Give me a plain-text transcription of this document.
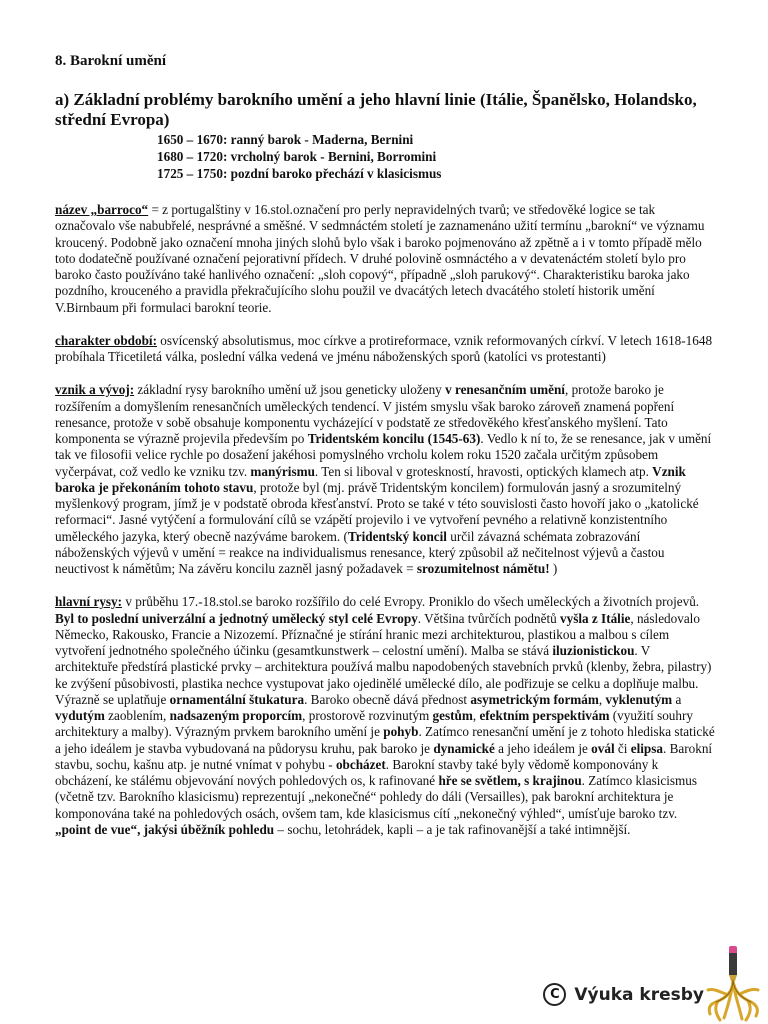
8. Barokní umění

a) Základní problémy barokního umění a jeho hlavní linie (Itálie, Španělsko, Holandsko, střední Evropa)

1650 – 1670: ranný barok - Maderna, Bernini
1680 – 1720: vrcholný barok - Bernini, Borromini
1725 – 1750: pozdní baroko přechází v klasicismus

název „barroco“ = z portugalštiny v 16.stol.označení pro perly nepravidelných tvarů; ve středověké logice se tak označovalo vše nabubřelé, nesprávné a směšné. V sedmnáctém století je zaznamenáno užití termínu „barokní“ ve významu kroucený. Podobně jako označení mnoha jiných slohů bylo však i baroko pojmenováno až zpětně a i v tomto případě mělo toto dodatečně používané označení pejorativní přídech. V druhé polovině osmnáctého a v devatenáctém století bylo pro baroko často používáno také hanlivého označení: „sloh copový“, případně „sloh parukový“. Charakteristiku baroka jako pozdního, krouceného a pravidla překračujícího slohu použil ve dvacátých letech dvacátého století historik umění V.Birnbaum při formulaci barokní teorie.

charakter období: osvícenský absolutismus, moc církve a protireformace, vznik reformovaných církví. V letech 1618-1648 probíhala Třicetiletá válka, poslední válka vedená ve jménu náboženských sporů (katolíci vs protestanti)

vznik a vývoj: základní rysy barokního umění už jsou geneticky uloženy v renesančním umění, protože baroko je rozšířením a domyšlením renesančních uměleckých tendencí. V jistém smyslu však baroko zároveň znamená popření renesance, protože v sobě obsahuje komponentu vycházející v podstatě ze středověkého křesťanského myšlení. Tato komponenta se výrazně projevila především po Tridentském koncilu (1545-63). Vedlo k ní to, že se renesance, jak v umění tak ve filosofii velice rychle po dosažení jakéhosi pomyslného vrcholu kolem roku 1520 začala určitým způsobem vyčerpávat, což vedlo ke vzniku tzv. manýrismu. Ten si liboval v groteskností, hravosti, optických klamech atp. Vznik baroka je překonáním tohoto stavu, protože byl (mj. právě Tridentským koncilem) formulován jasný a srozumitelný myšlenkový program, jímž je v podstatě obroda křesťanství. Proto se také v této souvislosti často hovoří jako o „katolické reformaci“. Jasné vytýčení a formulování cílů se vzápětí projevilo i ve vytvoření pevného a relativně konzistentního uměleckého jazyka, který obecně nazýváme barokem. (Tridentský koncil určil závazná schémata zobrazování náboženských výjevů v umění = reakce na individualismus renesance, který způsobil až nečitelnost výjevů a častou neuctivost k námětům; Na závěru koncilu zazněl jasný požadavek = srozumitelnost námětu! )

hlavní rysy: v průběhu 17.-18.stol.se baroko rozšířilo do celé Evropy. Proniklo do všech uměleckých a životních projevů. Byl to poslední univerzální a jednotný umělecký styl celé Evropy. Většina tvůrčích podnětů vyšla z Itálie, následovalo Německo, Rakousko, Francie a Nizozemí. Příznačné je stírání hranic mezi architekturou, plastikou a malbou s cílem vytvoření jednotného společného účinku (gesamtkunstwerk – celostní umění). Malba se stává iluzionistickou. V architektuře předstírá plastické prvky – architektura používá malbu napodobených stavebních prvků (klenby, žebra, pilastry) ke zvýšení působivosti, plastika nechce vystupovat jako ojedinělé umělecké dílo, ale podřizuje se celku a doplňuje malbu. Výrazně se uplatňuje ornamentální štukatura. Baroko obecně dává přednost asymetrickým formám, vyklenutým a vydutým zaoblením, nadsazeným proporcím, prostorově rozvinutým gestům, efektním perspektivám (využití souhry architektury a malby). Výrazným prvkem barokního umění je pohyb. Zatímco renesanční umění je z tohoto hlediska statické a jeho ideálem je stavba vybudovaná na půdorysu kruhu, pak baroko je dynamické a jeho ideálem je ovál či elipsa. Barokní stavbu, sochu, kašnu atp. je nutné vnímat v pohybu - obcházet. Barokní stavby také byly vědomě komponovány k obcházení, ke stálému objevování nových pohledových os, k rafinované hře se světlem, s krajinou. Zatímco klasicismus (včetně tzv. Barokního klasicismu) reprezentují „nekonečné“ pohledy do dáli (Versailles), pak barokní architektura je komponována také na pohledových osách, ovšem tam, kde klasicismus cítí „nekonečný výhled“, umísťuje baroko tzv. „point de vue“, jakýsi úběžník pohledu – sochu, letohrádek, kapli – a je tak rafinovanější a také intimnější.

C Výuka kresby
